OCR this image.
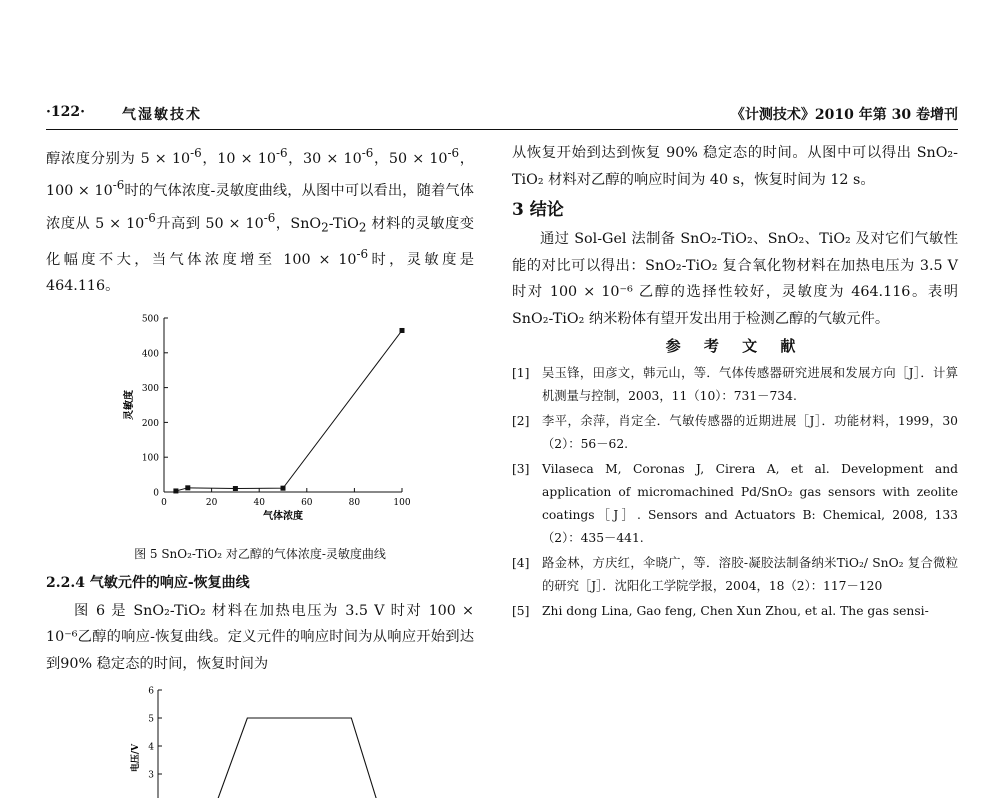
·122·	气湿敏技术	《计测技术》2010 年第 30 卷增刊

醇浓度分别为 $5 \times 10^{-6}$，$10 \times 10^{-6}$，$30 \times 10^{-6}$，$50 \times 10^{-6}$，$100 \times 10^{-6}$时的气体浓度-灵敏度曲线，从图中可以看出，随着气体浓度从 $5 \times 10^{-6}$升高到 $50 \times 10^{-6}$，SnO$_2$-TiO$_2$ 材料的灵敏度变化幅度不大，当气体浓度增至 $100 \times 10^{-6}$时，灵敏度是 464.116。

0
100
200
300
400
500
0	20	40	60	80	100
气体浓度
灵敏度

图 5 SnO₂-TiO₂ 对乙醇的气体浓度-灵敏度曲线

2.2.4 气敏元件的响应-恢复曲线

图 6 是 SnO₂-TiO₂ 材料在加热电压为 3.5 V 时对 100 × 10⁻⁶乙醇的响应-恢复曲线。定义元件的响应时间为从响应开始到达到90% 稳定态的时间，恢复时间为

3
4
5
6
电压/V

从恢复开始到达到恢复 90% 稳定态的时间。从图中可以得出 SnO₂-TiO₂ 材料对乙醇的响应时间为 40 s，恢复时间为 12 s。

3 结论

通过 Sol-Gel 法制备 SnO₂-TiO₂、SnO₂、TiO₂ 及对它们气敏性能的对比可以得出：SnO₂-TiO₂ 复合氧化物材料在加热电压为 3.5 V 时对 100 × 10⁻⁶ 乙醇的选择性较好，灵敏度为 464.116。表明 SnO₂-TiO₂ 纳米粉体有望开发出用于检测乙醇的气敏元件。

参 考 文 献

[1] 吴玉锋，田彦文，韩元山，等．气体传感器研究进展和发展方向［J］．计算机测量与控制，2003，11（10）：731－734.
[2] 李平，余萍，肖定全．气敏传感器的近期进展［J］．功能材料，1999，30（2）：56－62.
[3] Vilaseca M, Coronas J, Cirera A, et al. Development and application of micromachined Pd/SnO₂ gas sensors with zeolite coatings［J］. Sensors and Actuators B: Chemical, 2008, 133（2）：435－441.
[4] 路金林，方庆红，伞晓广，等．溶胶-凝胶法制备纳米TiO₂/ SnO₂ 复合微粒的研究［J］．沈阳化工学院学报，2004，18（2）：117－120
[5] Zhi dong Lina, Gao feng, Chen Xun Zhou, et al. The gas sensi-
